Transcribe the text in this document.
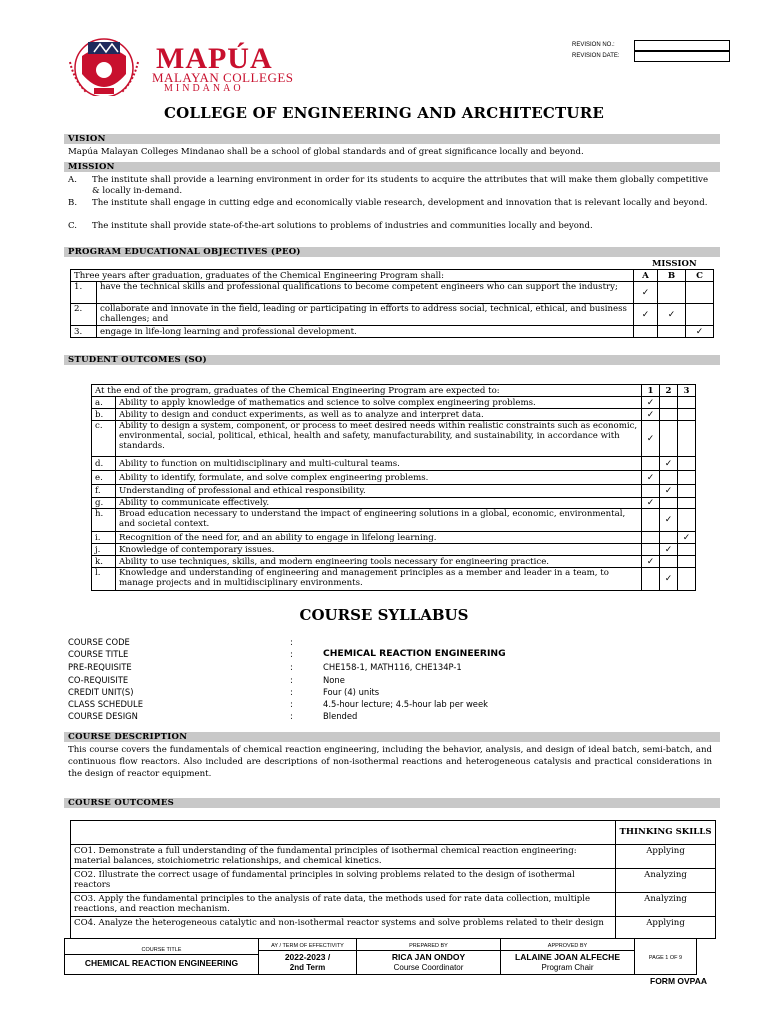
MAPÚA
MALAYAN COLLEGES
MINDANAO
REVISION NO.:
REVISION DATE:
COLLEGE OF ENGINEERING AND ARCHITECTURE
VISION
Mapúa Malayan Colleges Mindanao shall be a school of global standards and of great significance locally and beyond.
MISSION
A. The institute shall provide a learning environment in order for its students to acquire the attributes that will make them globally competitive & locally in-demand.
B. The institute shall engage in cutting edge and economically viable research, development and innovation that is relevant locally and beyond.
C. The institute shall provide state-of-the-art solutions to problems of industries and communities locally and beyond.
PROGRAM EDUCATIONAL OBJECTIVES (PEO)
MISSION
Three years after graduation, graduates of the Chemical Engineering Program shall:		A	B	C
1.	have the technical skills and professional qualifications to become competent engineers who can support the industry;	✓		
2.	collaborate and innovate in the field, leading or participating in efforts to address social, technical, ethical, and business challenges; and	✓	✓	
3.	engage in life-long learning and professional development.			✓
STUDENT OUTCOMES (SO)
At the end of the program, graduates of the Chemical Engineering Program are expected to:		1	2	3
a.	Ability to apply knowledge of mathematics and science to solve complex engineering problems.	✓		
b.	Ability to design and conduct experiments, as well as to analyze and interpret data.	✓		
c.	Ability to design a system, component, or process to meet desired needs within realistic constraints such as economic, environmental, social, political, ethical, health and safety, manufacturability, and sustainability, in accordance with standards.	✓		
d.	Ability to function on multidisciplinary and multi-cultural teams.		✓	
e.	Ability to identify, formulate, and solve complex engineering problems.	✓		
f.	Understanding of professional and ethical responsibility.		✓	
g.	Ability to communicate effectively.	✓		
h.	Broad education necessary to understand the impact of engineering solutions in a global, economic, environmental, and societal context.		✓	
i.	Recognition of the need for, and an ability to engage in lifelong learning.			✓
j.	Knowledge of contemporary issues.		✓	
k.	Ability to use techniques, skills, and modern engineering tools necessary for engineering practice.	✓		
l.	Knowledge and understanding of engineering and management principles as a member and leader in a team, to manage projects and in multidisciplinary environments.		✓	
COURSE SYLLABUS
COURSE CODE	:
COURSE TITLE	:	CHEMICAL REACTION ENGINEERING
PRE-REQUISITE	:	CHE158-1, MATH116, CHE134P-1
CO-REQUISITE	:	None
CREDIT UNIT(S)	:	Four (4) units
CLASS SCHEDULE	:	4.5-hour lecture; 4.5-hour lab per week
COURSE DESIGN	:	Blended
COURSE DESCRIPTION
This course covers the fundamentals of chemical reaction engineering, including the behavior, analysis, and design of ideal batch, semi-batch, and continuous flow reactors. Also included are descriptions of non-isothermal reactions and heterogeneous catalysis and practical considerations in the design of reactor equipment.
COURSE OUTCOMES
	THINKING SKILLS
CO1. Demonstrate a full understanding of the fundamental principles of isothermal chemical reaction engineering: material balances, stoichiometric relationships, and chemical kinetics.	Applying
CO2. Illustrate the correct usage of fundamental principles in solving problems related to the design of isothermal reactors	Analyzing
CO3. Apply the fundamental principles to the analysis of rate data, the methods used for rate data collection, multiple reactions, and reaction mechanism.	Analyzing
CO4. Analyze the heterogeneous catalytic and non-isothermal reactor systems and solve problems related to their design	Applying
COURSE TITLE
CHEMICAL REACTION ENGINEERING

AY / TERM OF EFFECTIVITY
2022-2023 /
2nd Term

PREPARED BY
RICA JAN ONDOY
Course Coordinator

APPROVED BY
LALAINE JOAN ALFECHE
Program Chair

PAGE 1 OF 9
FORM OVPAA
